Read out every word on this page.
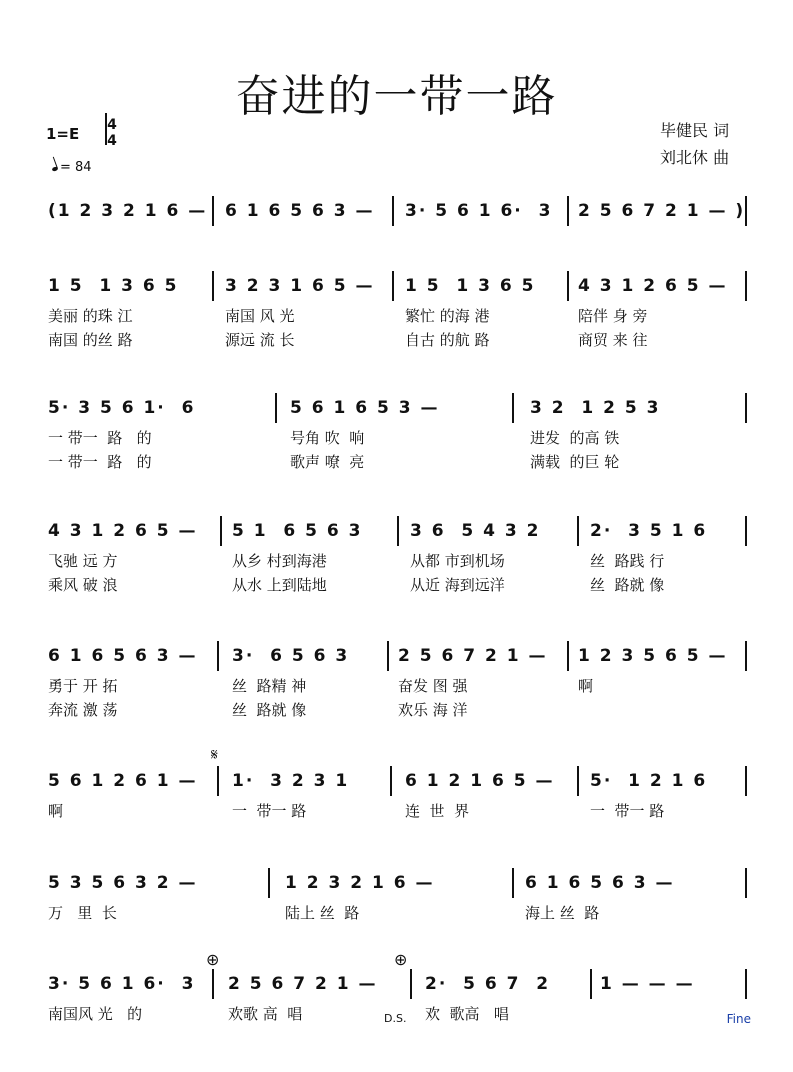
奋进的一带一路
1=E 4
4
= 84
毕健民 词
刘北休 曲
(1 2 3 2 1 6 — 6 1 6 5 6 3 — 3· 5 6 1 6·  3 2 5 6 7 2 1 — )
1 5  1 3 6 5	3 2 3 1 6 5 — 1 5  1 3 6 5	4 3 1 2 6 5 —
美丽 的珠 江	南国 风 光	繁忙 的海 港	陪伴 身 旁
南国 的丝 路	源远 流 长	自古 的航 路	商贸 来 往
5· 3 5 6 1·  6	5 6 1 6 5 3 —	3 2  1 2 5 3
一 带一  路   的	号角 吹  响	进发  的高 铁
一 带一  路   的	歌声 嘹  亮	满载  的巨 轮
4 3 1 2 6 5 — 5 1  6 5 6 3	3 6  5 4 3 2	2·  3 5 1 6
飞驰 远 方	从乡 村到海港	从都 市到机场	丝  路践 行
乘风 破 浪	从水 上到陆地	从近 海到远洋	丝  路就 像
6 1 6 5 6 3 — 3·  6 5 6 3	2 5 6 7 2 1 — 1 2 3 5 6 5 —
勇于 开 拓	丝  路精 神	奋发 图 强	啊
奔流 激 荡	丝  路就 像	欢乐 海 洋
5 6 1 2 6 1 — 1·  3 2 3 1	6 1 2 1 6 5 — 5·  1 2 1 6
啊	一  带一 路	连  世  界	一  带一 路
5 3 5 6 3 2 —	1 2 3 2 1 6 —	6 1 6 5 6 3 —
万   里  长	陆上 丝  路	海上 丝  路
3· 5 6 1 6·  3 2 5 6 7 2 1 —	2·  5 6 7  2	1 — — —
南国风 光   的	欢歌 高  唱	欢  歌高   唱
𝄋
⊕	⊕
D.S.	Fine
